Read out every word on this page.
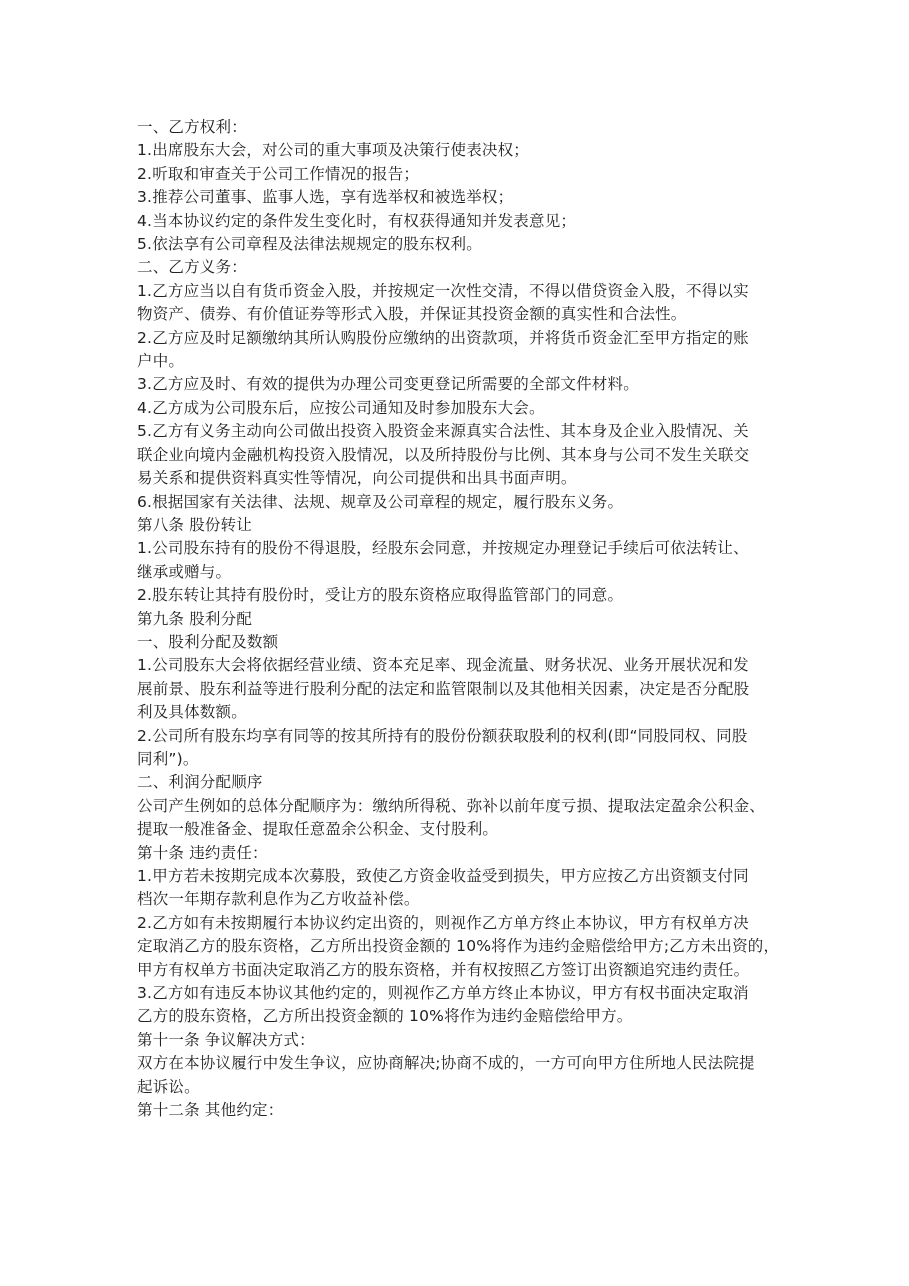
一、乙方权利：
1.出席股东大会，对公司的重大事项及决策行使表决权；
2.听取和审查关于公司工作情况的报告；
3.推荐公司董事、监事人选，享有选举权和被选举权；
4.当本协议约定的条件发生变化时，有权获得通知并发表意见；
5.依法享有公司章程及法律法规规定的股东权利。
二、乙方义务：
1.乙方应当以自有货币资金入股，并按规定一次性交清，不得以借贷资金入股，不得以实
物资产、债券、有价值证券等形式入股，并保证其投资金额的真实性和合法性。
2.乙方应及时足额缴纳其所认购股份应缴纳的出资款项，并将货币资金汇至甲方指定的账
户中。
3.乙方应及时、有效的提供为办理公司变更登记所需要的全部文件材料。
4.乙方成为公司股东后，应按公司通知及时参加股东大会。
5.乙方有义务主动向公司做出投资入股资金来源真实合法性、其本身及企业入股情况、关
联企业向境内金融机构投资入股情况，以及所持股份与比例、其本身与公司不发生关联交
易关系和提供资料真实性等情况，向公司提供和出具书面声明。
6.根据国家有关法律、法规、规章及公司章程的规定，履行股东义务。
第八条 股份转让
1.公司股东持有的股份不得退股，经股东会同意，并按规定办理登记手续后可依法转让、
继承或赠与。
2.股东转让其持有股份时，受让方的股东资格应取得监管部门的同意。
第九条 股利分配
一、股利分配及数额
1.公司股东大会将依据经营业绩、资本充足率、现金流量、财务状况、业务开展状况和发
展前景、股东利益等进行股利分配的法定和监管限制以及其他相关因素，决定是否分配股
利及具体数额。
2.公司所有股东均享有同等的按其所持有的股份份额获取股利的权利(即“同股同权、同股
同利”)。
二、利润分配顺序
公司产生例如的总体分配顺序为：缴纳所得税、弥补以前年度亏损、提取法定盈余公积金、
提取一般准备金、提取任意盈余公积金、支付股利。
第十条 违约责任：
1.甲方若未按期完成本次募股，致使乙方资金收益受到损失，甲方应按乙方出资额支付同
档次一年期存款利息作为乙方收益补偿。
2.乙方如有未按期履行本协议约定出资的，则视作乙方单方终止本协议，甲方有权单方决
定取消乙方的股东资格，乙方所出投资金额的 10%将作为违约金赔偿给甲方;乙方未出资的，
甲方有权单方书面决定取消乙方的股东资格，并有权按照乙方签订出资额追究违约责任。
3.乙方如有违反本协议其他约定的，则视作乙方单方终止本协议，甲方有权书面决定取消
乙方的股东资格，乙方所出投资金额的 10%将作为违约金赔偿给甲方。
第十一条 争议解决方式：
双方在本协议履行中发生争议，应协商解决;协商不成的，一方可向甲方住所地人民法院提
起诉讼。
第十二条 其他约定：
